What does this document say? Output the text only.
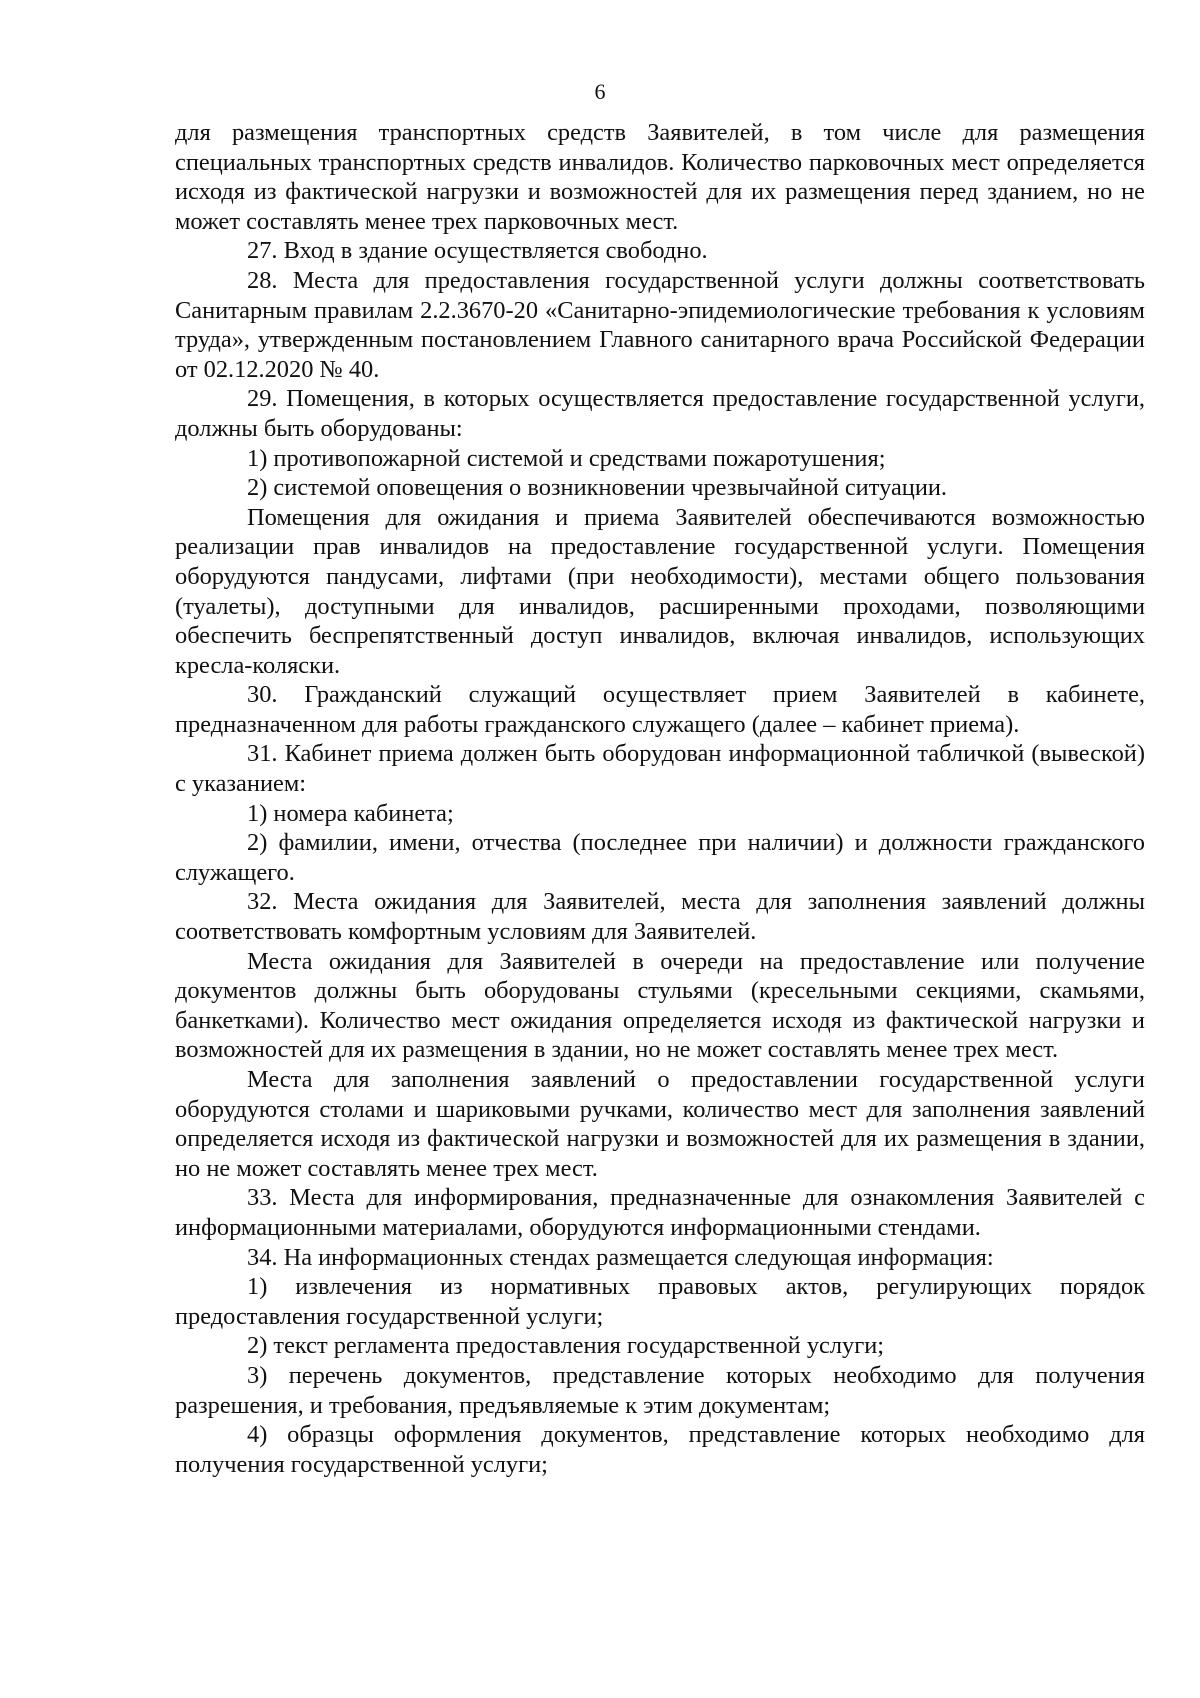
6

для размещения транспортных средств Заявителей, в том числе для размещения специальных транспортных средств инвалидов. Количество парковочных мест определяется исходя из фактической нагрузки и возможностей для их размещения перед зданием, но не может составлять менее трех парковочных мест.

27. Вход в здание осуществляется свободно.

28. Места для предоставления государственной услуги должны соответствовать Санитарным правилам 2.2.3670-20 «Санитарно-эпидемиологические требования к условиям труда», утвержденным постановлением Главного санитарного врача Российской Федерации от 02.12.2020 № 40.

29. Помещения, в которых осуществляется предоставление государственной услуги, должны быть оборудованы:

1) противопожарной системой и средствами пожаротушения;

2) системой оповещения о возникновении чрезвычайной ситуации.

Помещения для ожидания и приема Заявителей обеспечиваются возможностью реализации прав инвалидов на предоставление государственной услуги. Помещения оборудуются пандусами, лифтами (при необходимости), местами общего пользования (туалеты), доступными для инвалидов, расширенными проходами, позволяющими обеспечить беспрепятственный доступ инвалидов, включая инвалидов, использующих кресла-коляски.

30. Гражданский служащий осуществляет прием Заявителей в кабинете, предназначенном для работы гражданского служащего (далее – кабинет приема).

31. Кабинет приема должен быть оборудован информационной табличкой (вывеской) с указанием:

1) номера кабинета;

2) фамилии, имени, отчества (последнее при наличии) и должности гражданского служащего.

32. Места ожидания для Заявителей, места для заполнения заявлений должны соответствовать комфортным условиям для Заявителей.

Места ожидания для Заявителей в очереди на предоставление или получение документов должны быть оборудованы стульями (кресельными секциями, скамьями, банкетками). Количество мест ожидания определяется исходя из фактической нагрузки и возможностей для их размещения в здании, но не может составлять менее трех мест.

Места для заполнения заявлений о предоставлении государственной услуги оборудуются столами и шариковыми ручками, количество мест для заполнения заявлений определяется исходя из фактической нагрузки и возможностей для их размещения в здании, но не может составлять менее трех мест.

33. Места для информирования, предназначенные для ознакомления Заявителей с информационными материалами, оборудуются информационными стендами.

34. На информационных стендах размещается следующая информация:

1) извлечения из нормативных правовых актов, регулирующих порядок предоставления государственной услуги;

2) текст регламента предоставления государственной услуги;

3) перечень документов, представление которых необходимо для получения разрешения, и требования, предъявляемые к этим документам;

4) образцы оформления документов, представление которых необходимо для получения государственной услуги;
